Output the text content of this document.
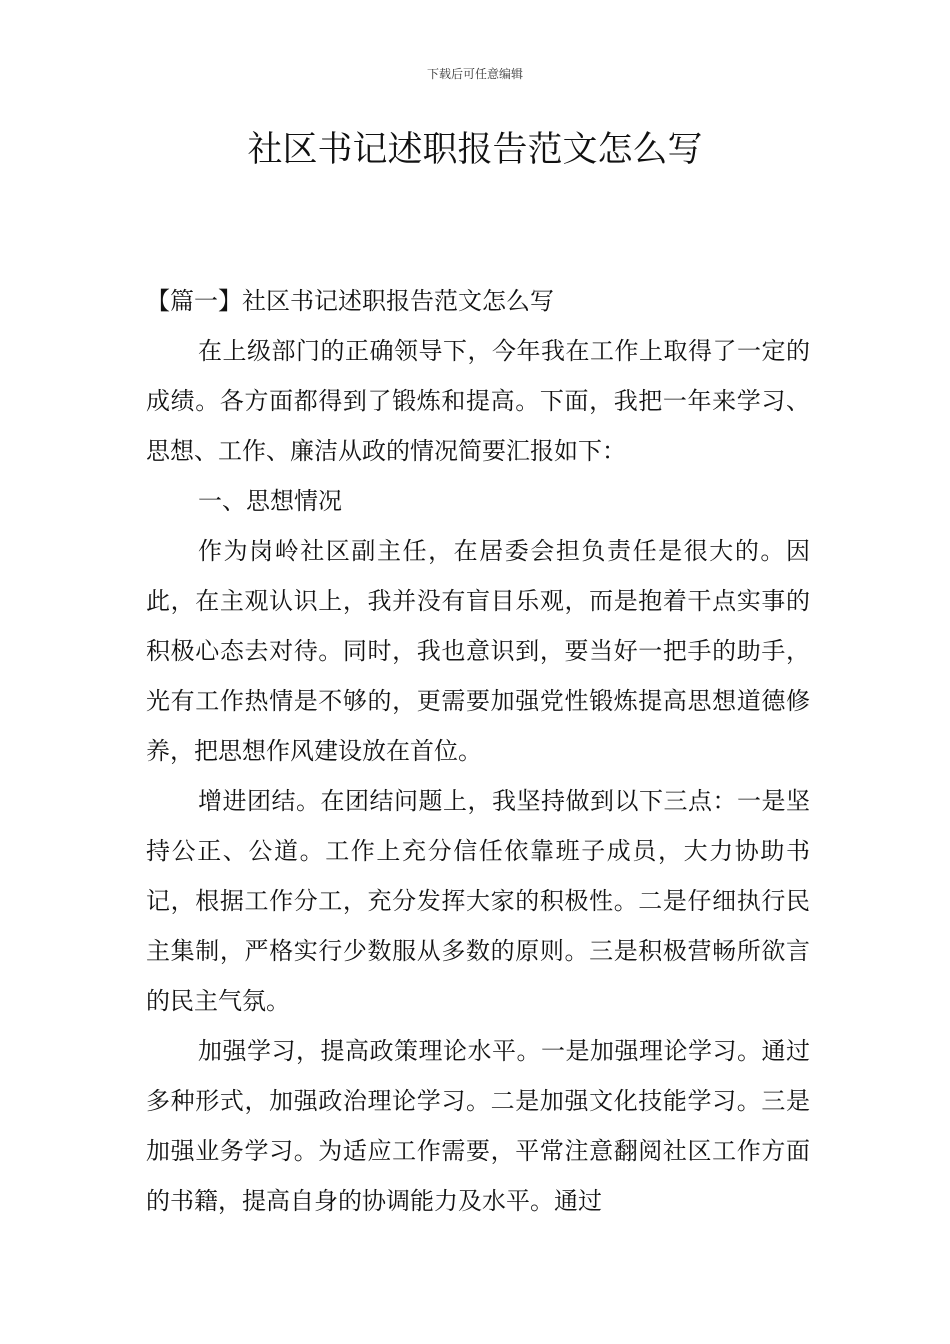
下载后可任意编辑
社区书记述职报告范文怎么写

【篇一】社区书记述职报告范文怎么写

在上级部门的正确领导下，今年我在工作上取得了一定的成绩。各方面都得到了锻炼和提高。下面，我把一年来学习、思想、工作、廉洁从政的情况简要汇报如下：

一、思想情况

作为岗岭社区副主任，在居委会担负责任是很大的。因此，在主观认识上，我并没有盲目乐观，而是抱着干点实事的积极心态去对待。同时，我也意识到，要当好一把手的助手，光有工作热情是不够的，更需要加强党性锻炼提高思想道德修养，把思想作风建设放在首位。

增进团结。在团结问题上，我坚持做到以下三点：一是坚持公正、公道。工作上充分信任依靠班子成员，大力协助书记，根据工作分工，充分发挥大家的积极性。二是仔细执行民主集制，严格实行少数服从多数的原则。三是积极营畅所欲言的民主气氛。

加强学习，提高政策理论水平。一是加强理论学习。通过多种形式，加强政治理论学习。二是加强文化技能学习。三是加强业务学习。为适应工作需要，平常注意翻阅社区工作方面的书籍，提高自身的协调能力及水平。通过
